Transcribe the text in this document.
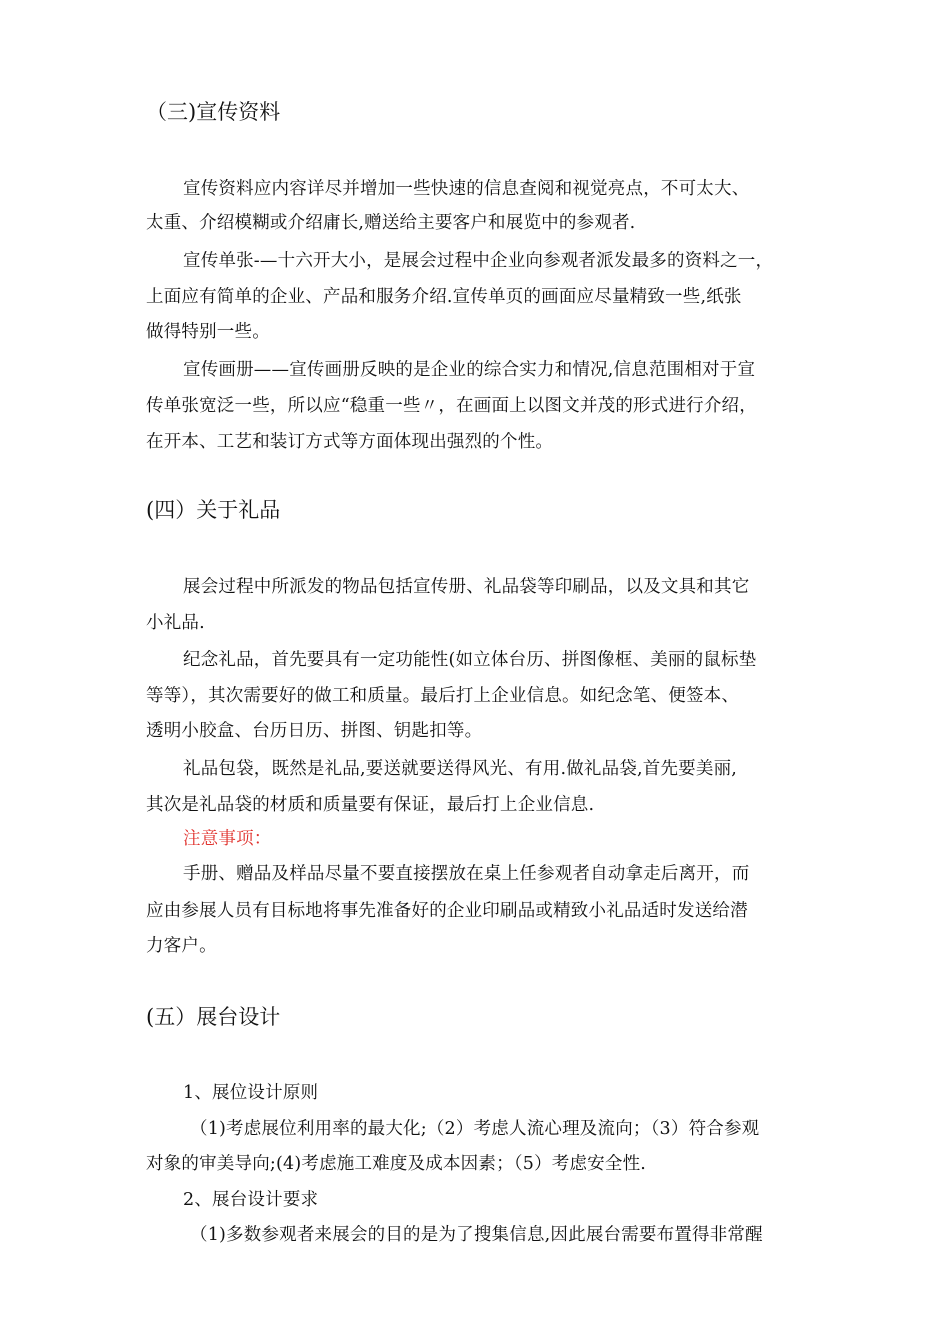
（三)宣传资料
宣传资料应内容详尽并增加一些快速的信息查阅和视觉亮点，不可太大、
太重、介绍模糊或介绍庸长,赠送给主要客户和展览中的参观者.
宣传单张-—十六开大小，是展会过程中企业向参观者派发最多的资料之一，
上面应有简单的企业、产品和服务介绍.宣传单页的画面应尽量精致一些,纸张
做得特别一些。
宣传画册——宣传画册反映的是企业的综合实力和情况,信息范围相对于宣
传单张宽泛一些，所以应“稳重一些〃，在画面上以图文并茂的形式进行介绍，
在开本、工艺和装订方式等方面体现出强烈的个性。
(四）关于礼品
展会过程中所派发的物品包括宣传册、礼品袋等印刷品，以及文具和其它
小礼品.
纪念礼品，首先要具有一定功能性(如立体台历、拼图像框、美丽的鼠标垫
等等），其次需要好的做工和质量。最后打上企业信息。如纪念笔、便签本、
透明小胶盒、台历日历、拼图、钥匙扣等。
礼品包袋，既然是礼品,要送就要送得风光、有用.做礼品袋,首先要美丽,
其次是礼品袋的材质和质量要有保证，最后打上企业信息.
注意事项：
手册、赠品及样品尽量不要直接摆放在桌上任参观者自动拿走后离开，而
应由参展人员有目标地将事先准备好的企业印刷品或精致小礼品适时发送给潜
力客户。
(五）展台设计
1、展位设计原则
（1)考虑展位利用率的最大化;（2）考虑人流心理及流向；（3）符合参观
对象的审美导向;(4)考虑施工难度及成本因素；（5）考虑安全性.
2、展台设计要求
（1)多数参观者来展会的目的是为了搜集信息,因此展台需要布置得非常醒
